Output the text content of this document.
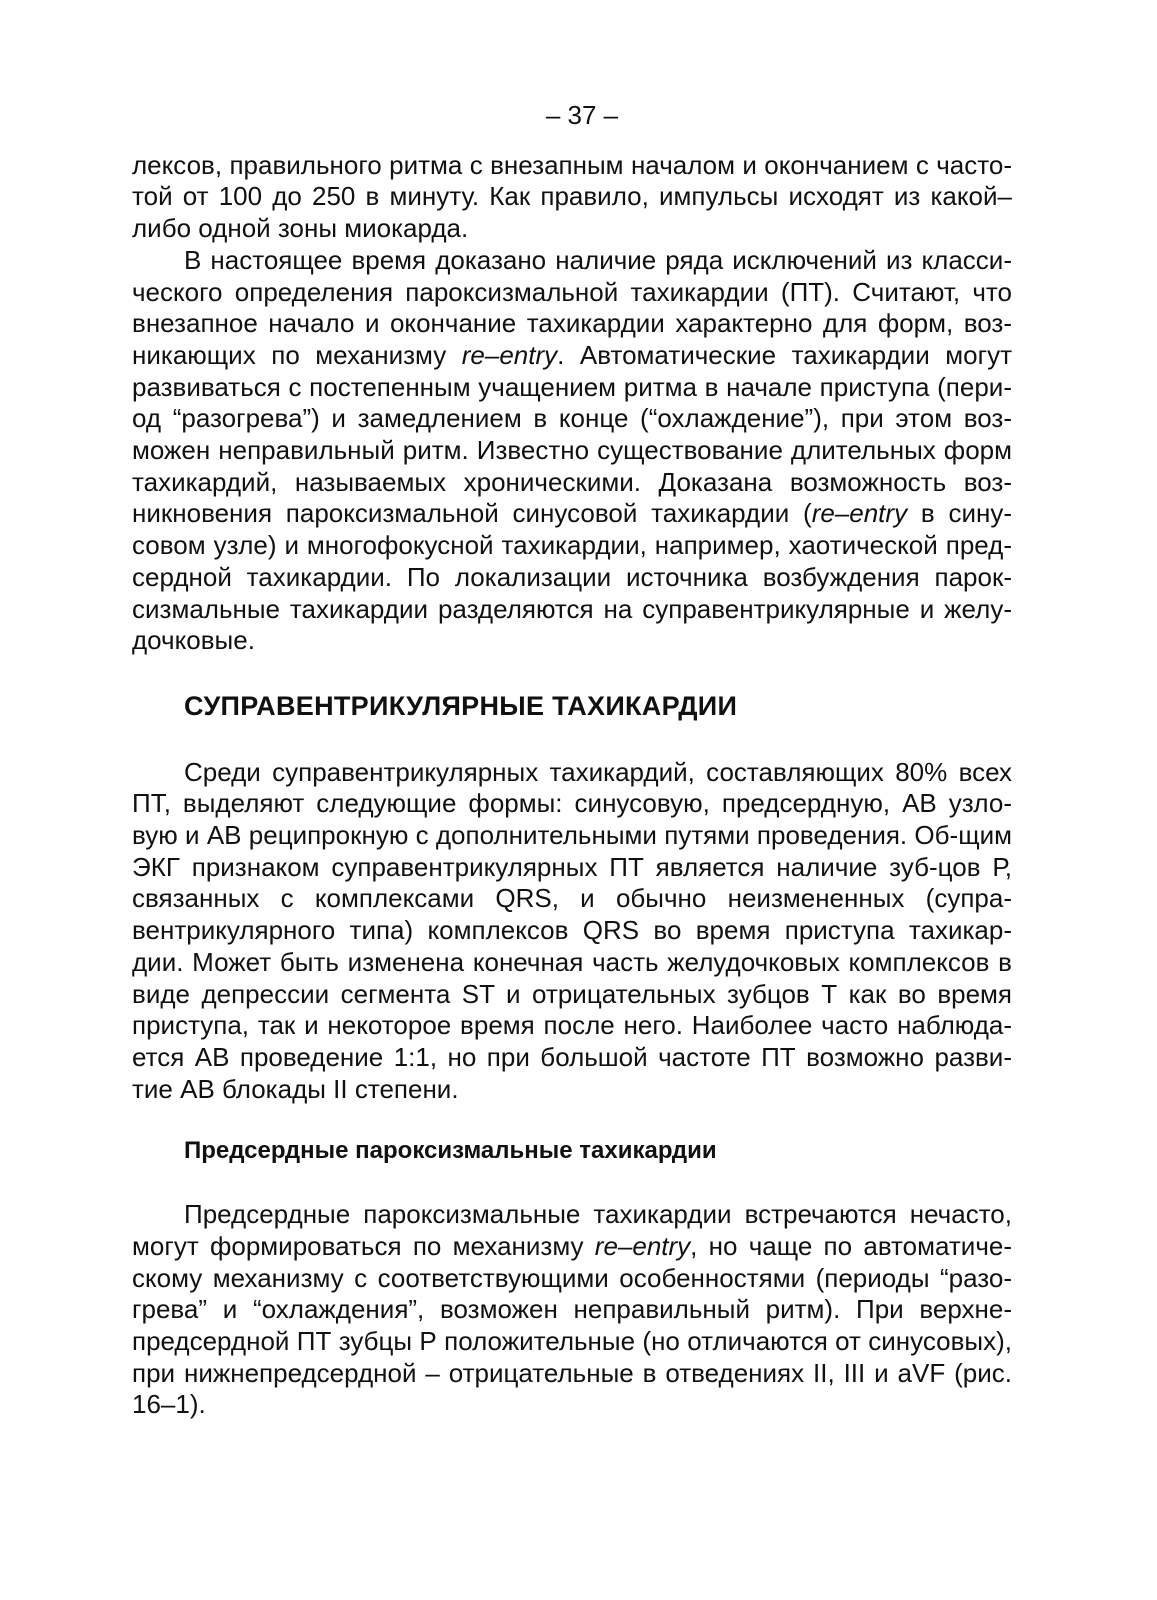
– 37 –

лексов, правильного ритма с внезапным началом и окончанием с часто-той от 100 до 250 в минуту. Как правило, импульсы исходят из какой–либо одной зоны миокарда.

В настоящее время доказано наличие ряда исключений из класси-ческого определения пароксизмальной тахикардии (ПТ). Считают, что внезапное начало и окончание тахикардии характерно для форм, воз-никающих по механизму re–entry. Автоматические тахикардии могут развиваться с постепенным учащением ритма в начале приступа (пери-од “разогрева”) и замедлением в конце (“охлаждение”), при этом воз-можен неправильный ритм. Известно существование длительных форм тахикардий, называемых хроническими. Доказана возможность воз-никновения пароксизмальной синусовой тахикардии (re–entry в сину-совом узле) и многофокусной тахикардии, например, хаотической пред-сердной тахикардии. По локализации источника возбуждения парок-сизмальные тахикардии разделяются на суправентрикулярные и желу-дочковые.

СУПРАВЕНТРИКУЛЯРНЫЕ ТАХИКАРДИИ

Среди суправентрикулярных тахикардий, составляющих 80% всех ПТ, выделяют следующие формы: синусовую, предсердную, АВ узло-вую и АВ реципрокную с дополнительными путями проведения. Об-щим ЭКГ признаком суправентрикулярных ПТ является наличие зуб-цов Р, связанных с комплексами QRS, и обычно неизмененных (супра-вентрикулярного типа) комплексов QRS во время приступа тахикар-дии. Может быть изменена конечная часть желудочковых комплексов в виде депрессии сегмента ST и отрицательных зубцов Т как во время приступа, так и некоторое время после него. Наиболее часто наблюда-ется АВ проведение 1:1, но при большой частоте ПТ возможно разви-тие АВ блокады II степени.

Предсердные пароксизмальные тахикардии

Предсердные пароксизмальные тахикардии встречаются нечасто, могут формироваться по механизму re–entry, но чаще по автоматиче-скому механизму с соответствующими особенностями (периоды “разо-грева” и “охлаждения”, возможен неправильный ритм). При верхне-предсердной ПТ зубцы Р положительные (но отличаются от синусовых), при нижнепредсердной – отрицательные в отведениях II, III и aVF (рис. 16–1).
